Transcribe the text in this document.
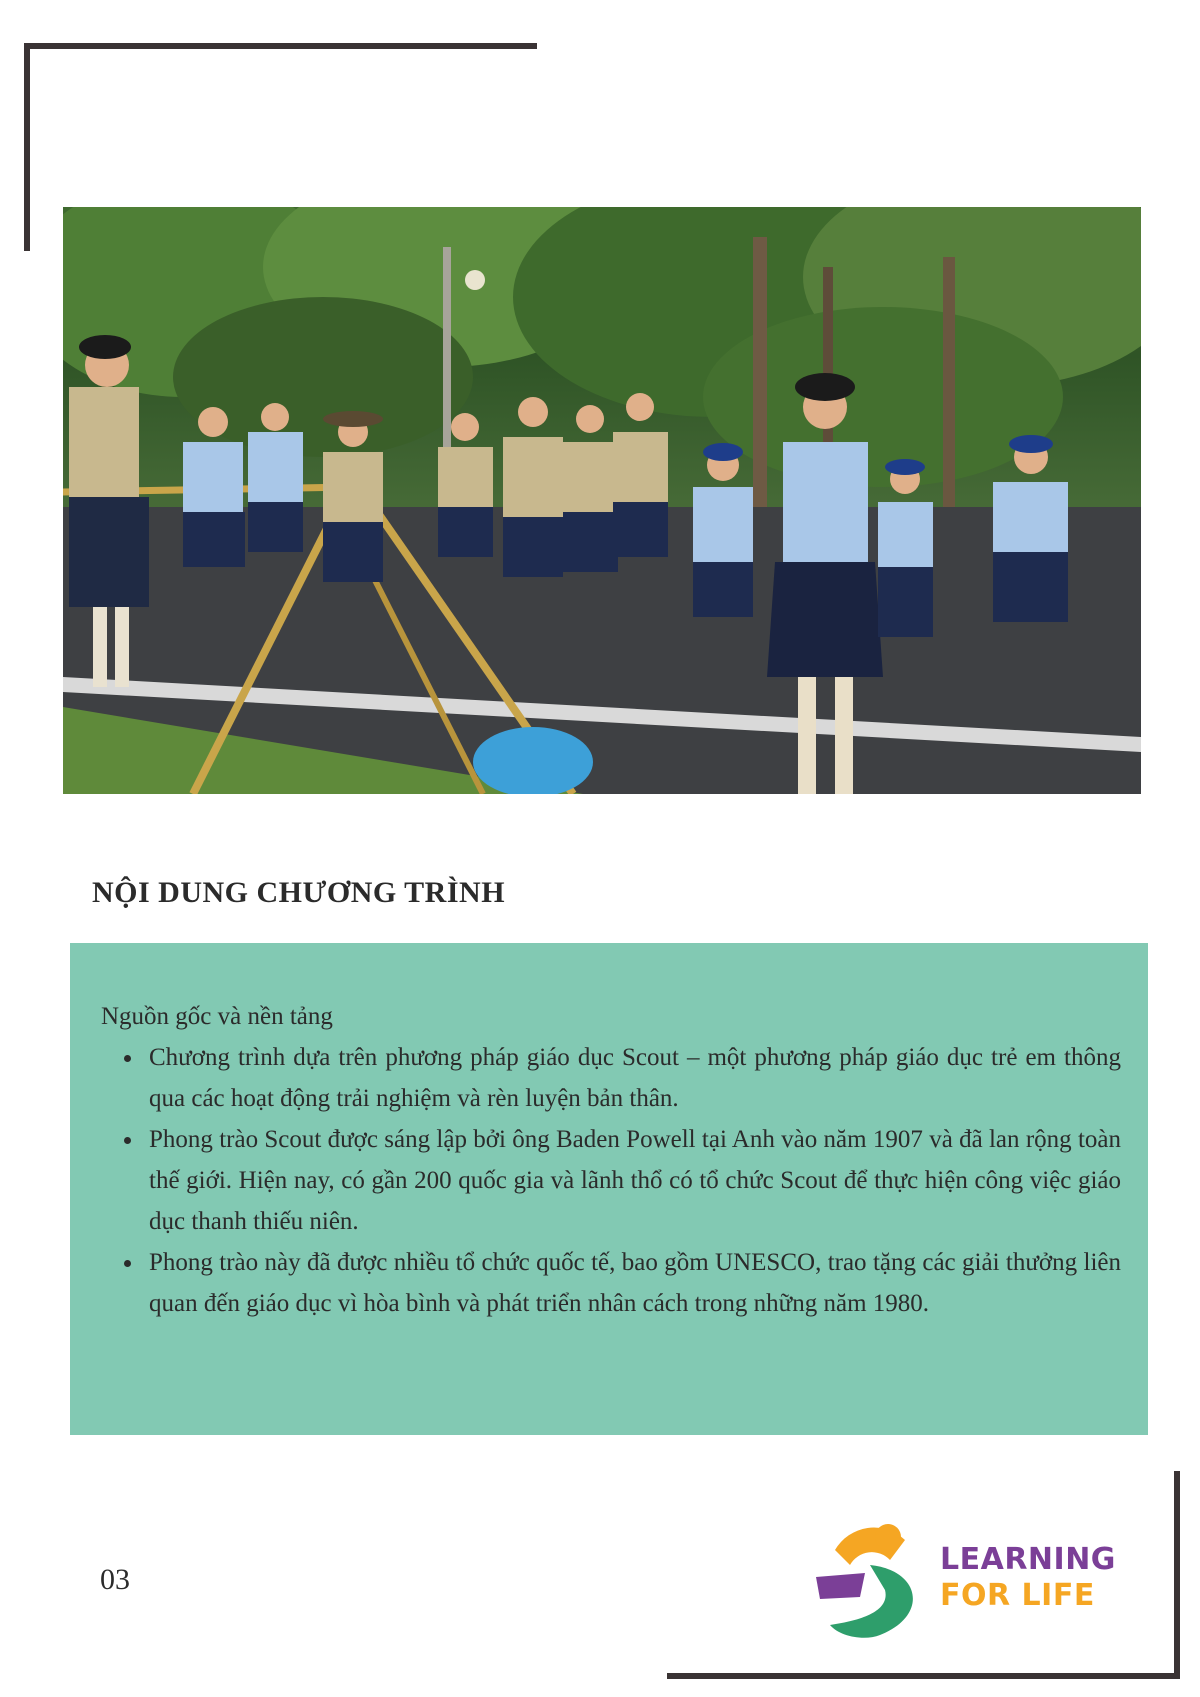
NỘI DUNG CHƯƠNG TRÌNH

Nguồn gốc và nền tảng

Chương trình dựa trên phương pháp giáo dục Scout – một phương pháp giáo dục trẻ em thông qua các hoạt động trải nghiệm và rèn luyện bản thân.
Phong trào Scout được sáng lập bởi ông Baden Powell tại Anh vào năm 1907 và đã lan rộng toàn thế giới. Hiện nay, có gần 200 quốc gia và lãnh thổ có tổ chức Scout để thực hiện công việc giáo dục thanh thiếu niên.
Phong trào này đã được nhiều tổ chức quốc tế, bao gồm UNESCO, trao tặng các giải thưởng liên quan đến giáo dục vì hòa bình và phát triển nhân cách trong những năm 1980.
03
LEARNING
FOR LIFE
